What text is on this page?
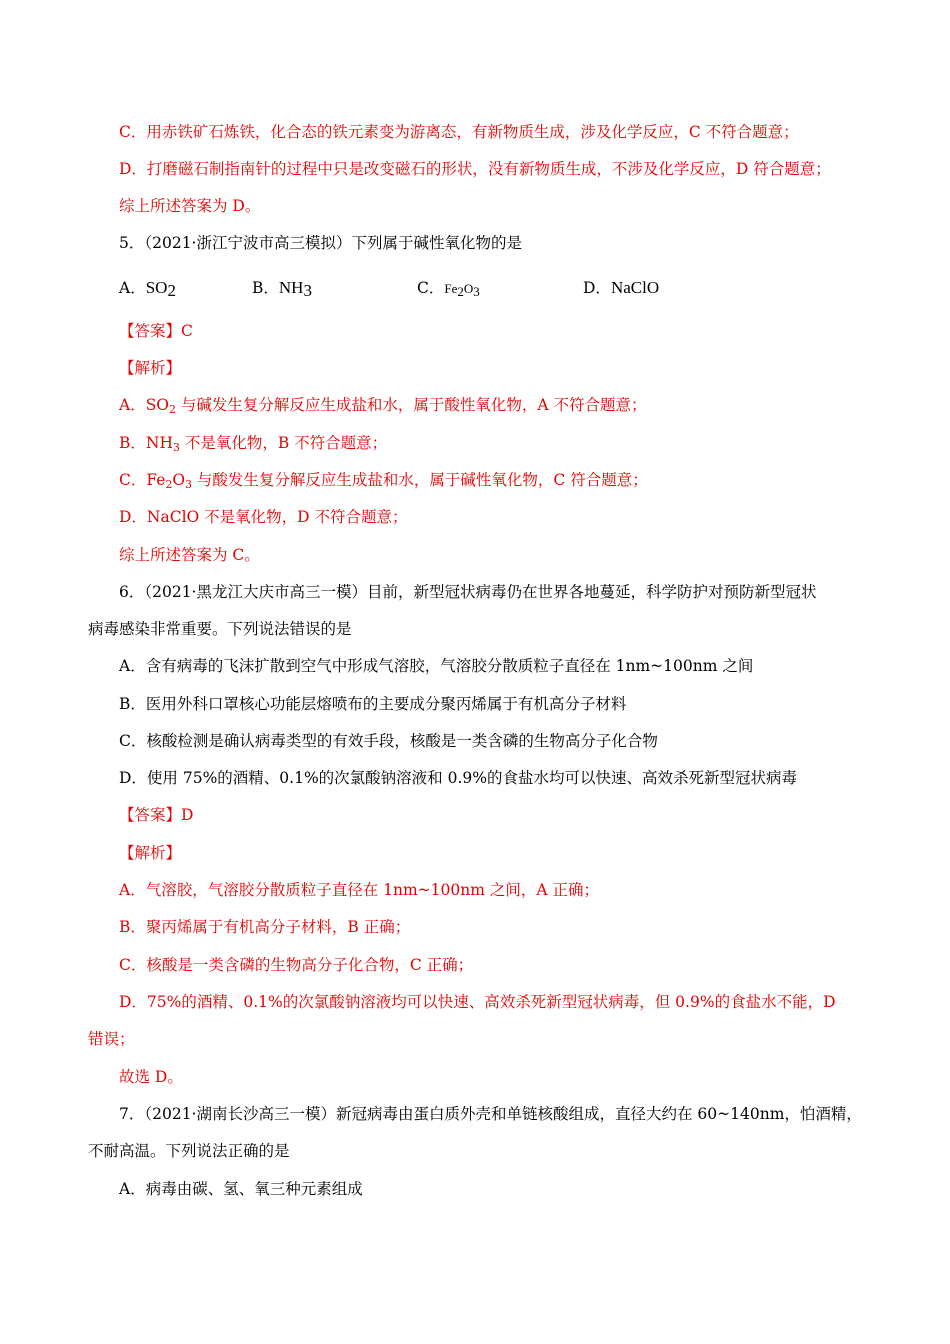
C．用赤铁矿石炼铁，化合态的铁元素变为游离态，有新物质生成，涉及化学反应，C 不符合题意；
D．打磨磁石制指南针的过程中只是改变磁石的形状，没有新物质生成，不涉及化学反应，D 符合题意；
综上所述答案为 D。
5．（2021·浙江宁波市高三模拟）下列属于碱性氧化物的是
A．$SO_2$	B．$NH_3$	C．$Fe_2O_3$	D．NaClO
【答案】C
【解析】
A．$SO_2$ 与碱发生复分解反应生成盐和水，属于酸性氧化物，A 不符合题意；
B．$NH_3$ 不是氧化物，B 不符合题意；
C．$Fe_2O_3$ 与酸发生复分解反应生成盐和水，属于碱性氧化物，C 符合题意；
D．NaClO 不是氧化物，D 不符合题意；
综上所述答案为 C。
6．（2021·黑龙江大庆市高三一模）目前，新型冠状病毒仍在世界各地蔓延，科学防护对预防新型冠状
病毒感染非常重要。下列说法错误的是
A．含有病毒的飞沫扩散到空气中形成气溶胶，气溶胶分散质粒子直径在 1nm~100nm 之间
B．医用外科口罩核心功能层熔喷布的主要成分聚丙烯属于有机高分子材料
C．核酸检测是确认病毒类型的有效手段，核酸是一类含磷的生物高分子化合物
D．使用 75%的酒精、0.1%的次氯酸钠溶液和 0.9%的食盐水均可以快速、高效杀死新型冠状病毒
【答案】D
【解析】
A．气溶胶，气溶胶分散质粒子直径在 1nm~100nm 之间，A 正确；
B．聚丙烯属于有机高分子材料，B 正确；
C．核酸是一类含磷的生物高分子化合物，C 正确；
D．75%的酒精、0.1%的次氯酸钠溶液均可以快速、高效杀死新型冠状病毒，但 0.9%的食盐水不能，D
错误；
故选 D。
7．（2021·湖南长沙高三一模）新冠病毒由蛋白质外壳和单链核酸组成，直径大约在 60~140nm，怕酒精，
不耐高温。下列说法正确的是
A．病毒由碳、氢、氧三种元素组成
